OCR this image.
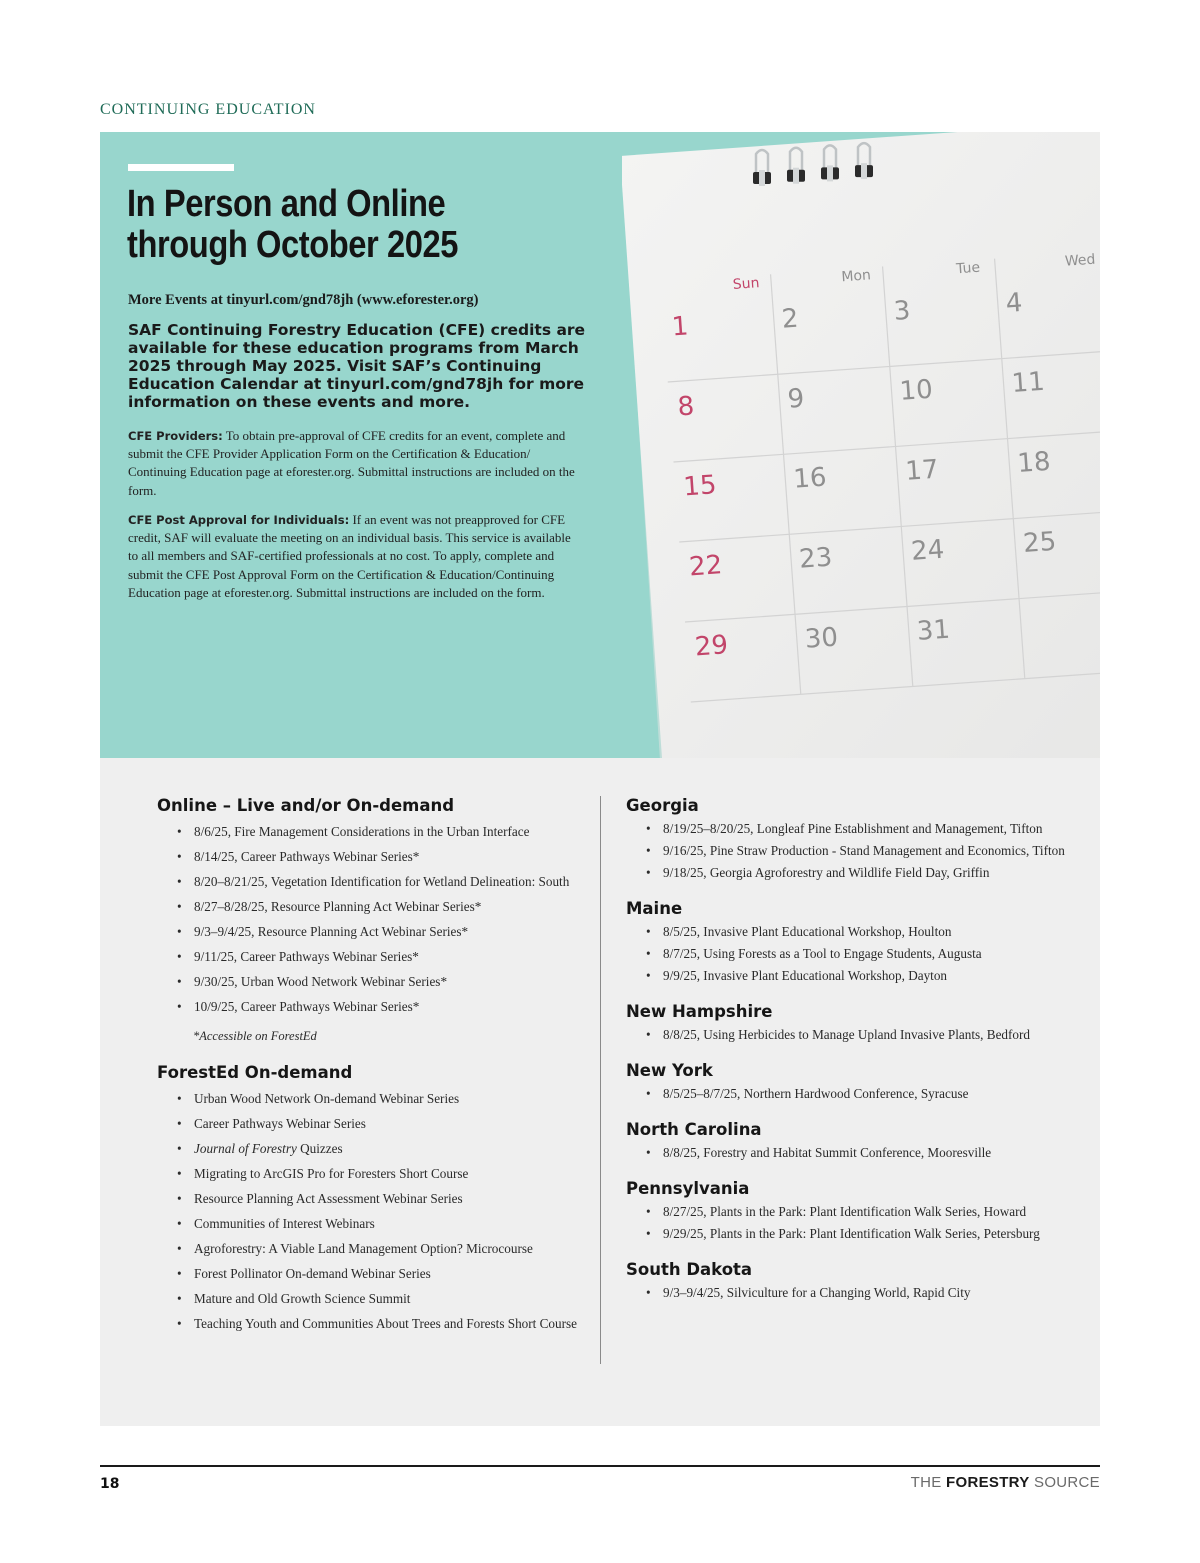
CONTINUING EDUCATION
In Person and Online
through October 2025
More Events at tinyurl.com/gnd78jh (www.eforester.org)
SAF Continuing Forestry Education (CFE) credits are available for these education programs from March 2025 through May 2025. Visit SAF’s Continuing Education Calendar at tinyurl.com/gnd78jh for more information on these events and more.

CFE Providers: To obtain pre-approval of CFE credits for an event, complete and submit the CFE Provider Application Form on the Certification & Education/ Continuing Education page at eforester.org. Submittal instructions are included on the form.

CFE Post Approval for Individuals: If an event was not preapproved for CFE credit, SAF will evaluate the meeting on an individual basis. This service is available to all members and SAF-certified professionals at no cost. To apply, complete and submit the CFE Post Approval Form on the Certification & Education/Continuing Education page at eforester.org. Submittal instructions are included on the form.

Sun	Mon	Tue	Wed
1	2	3	4
8	9	10	11
15	16	17	18
22	23	24	25
29	30	31
Online – Live and/or On-demand
• 8/6/25, Fire Management Considerations in the Urban Interface
• 8/14/25, Career Pathways Webinar Series*
• 8/20–8/21/25, Vegetation Identification for Wetland Delineation: South
• 8/27–8/28/25, Resource Planning Act Webinar Series*
• 9/3–9/4/25, Resource Planning Act Webinar Series*
• 9/11/25, Career Pathways Webinar Series*
• 9/30/25, Urban Wood Network Webinar Series*
• 10/9/25, Career Pathways Webinar Series*
*Accessible on ForestEd
ForestEd On-demand
• Urban Wood Network On-demand Webinar Series
• Career Pathways Webinar Series
• Journal of Forestry Quizzes
• Migrating to ArcGIS Pro for Foresters Short Course
• Resource Planning Act Assessment Webinar Series
• Communities of Interest Webinars
• Agroforestry: A Viable Land Management Option? Microcourse
• Forest Pollinator On-demand Webinar Series
• Mature and Old Growth Science Summit
• Teaching Youth and Communities About Trees and Forests Short Course
Georgia
• 8/19/25–8/20/25, Longleaf Pine Establishment and Management, Tifton
• 9/16/25, Pine Straw Production - Stand Management and Economics, Tifton
• 9/18/25, Georgia Agroforestry and Wildlife Field Day, Griffin
Maine
• 8/5/25, Invasive Plant Educational Workshop, Houlton
• 8/7/25, Using Forests as a Tool to Engage Students, Augusta
• 9/9/25, Invasive Plant Educational Workshop, Dayton
New Hampshire
• 8/8/25, Using Herbicides to Manage Upland Invasive Plants, Bedford
New York
• 8/5/25–8/7/25, Northern Hardwood Conference, Syracuse
North Carolina
• 8/8/25, Forestry and Habitat Summit Conference, Mooresville
Pennsylvania
• 8/27/25, Plants in the Park: Plant Identification Walk Series, Howard
• 9/29/25, Plants in the Park: Plant Identification Walk Series, Petersburg
South Dakota
• 9/3–9/4/25, Silviculture for a Changing World, Rapid City
18	THE FORESTRY SOURCE
